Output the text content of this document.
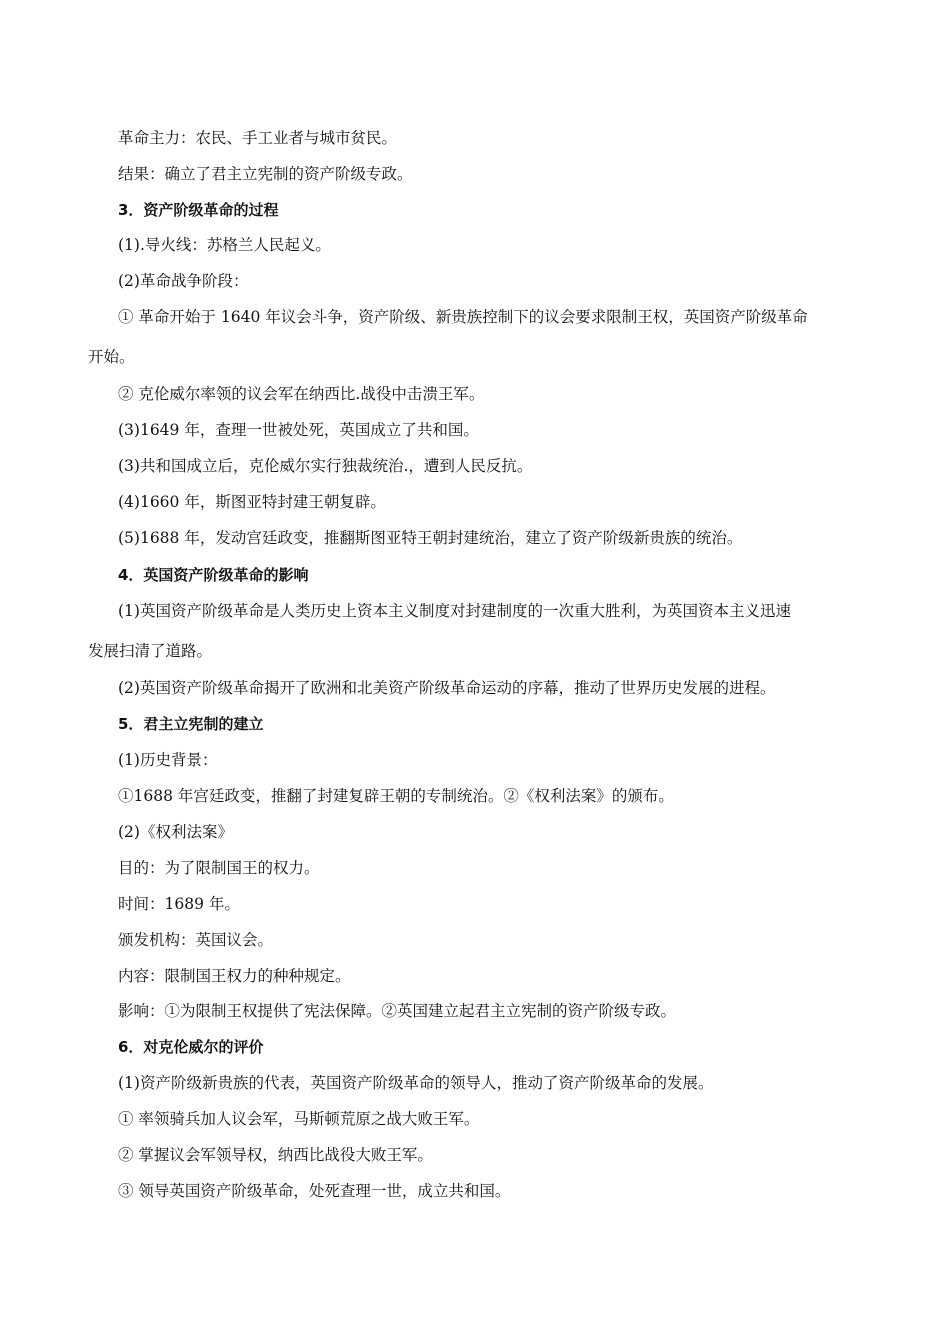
革命主力：农民、手工业者与城市贫民。
结果：确立了君主立宪制的资产阶级专政。
3．资产阶级革命的过程
(1).导火线：苏格兰人民起义。
(2)革命战争阶段：
① 革命开始于 1640 年议会斗争，资产阶级、新贵族控制下的议会要求限制王权，英国资产阶级革命
开始。
② 克伦威尔率领的议会军在纳西比.战役中击溃王军。
(3)1649 年，查理一世被处死，英国成立了共和国。
(3)共和国成立后，克伦威尔实行独裁统治.，遭到人民反抗。
(4)1660 年，斯图亚特封建王朝复辟。
(5)1688 年，发动宫廷政变，推翻斯图亚特王朝封建统治，建立了资产阶级新贵族的统治。
4．英国资产阶级革命的影响
(1)英国资产阶级革命是人类历史上资本主义制度对封建制度的一次重大胜利，为英国资本主义迅速
发展扫清了道路。
(2)英国资产阶级革命揭开了欧洲和北美资产阶级革命运动的序幕，推动了世界历史发展的进程。
5．君主立宪制的建立
(1)历史背景：
①1688 年宫廷政变，推翻了封建复辟王朝的专制统治。②《权利法案》的颁布。
(2)《权利法案》
目的：为了限制国王的权力。
时间：1689 年。
颁发机构：英国议会。
内容：限制国王权力的种种规定。
影响：①为限制王权提供了宪法保障。②英国建立起君主立宪制的资产阶级专政。
6．对克伦威尔的评价
(1)资产阶级新贵族的代表，英国资产阶级革命的领导人，推动了资产阶级革命的发展。
① 率领骑兵加人议会军，马斯顿荒原之战大败王军。
② 掌握议会军领导权，纳西比战役大败王军。
③ 领导英国资产阶级革命，处死查理一世，成立共和国。
